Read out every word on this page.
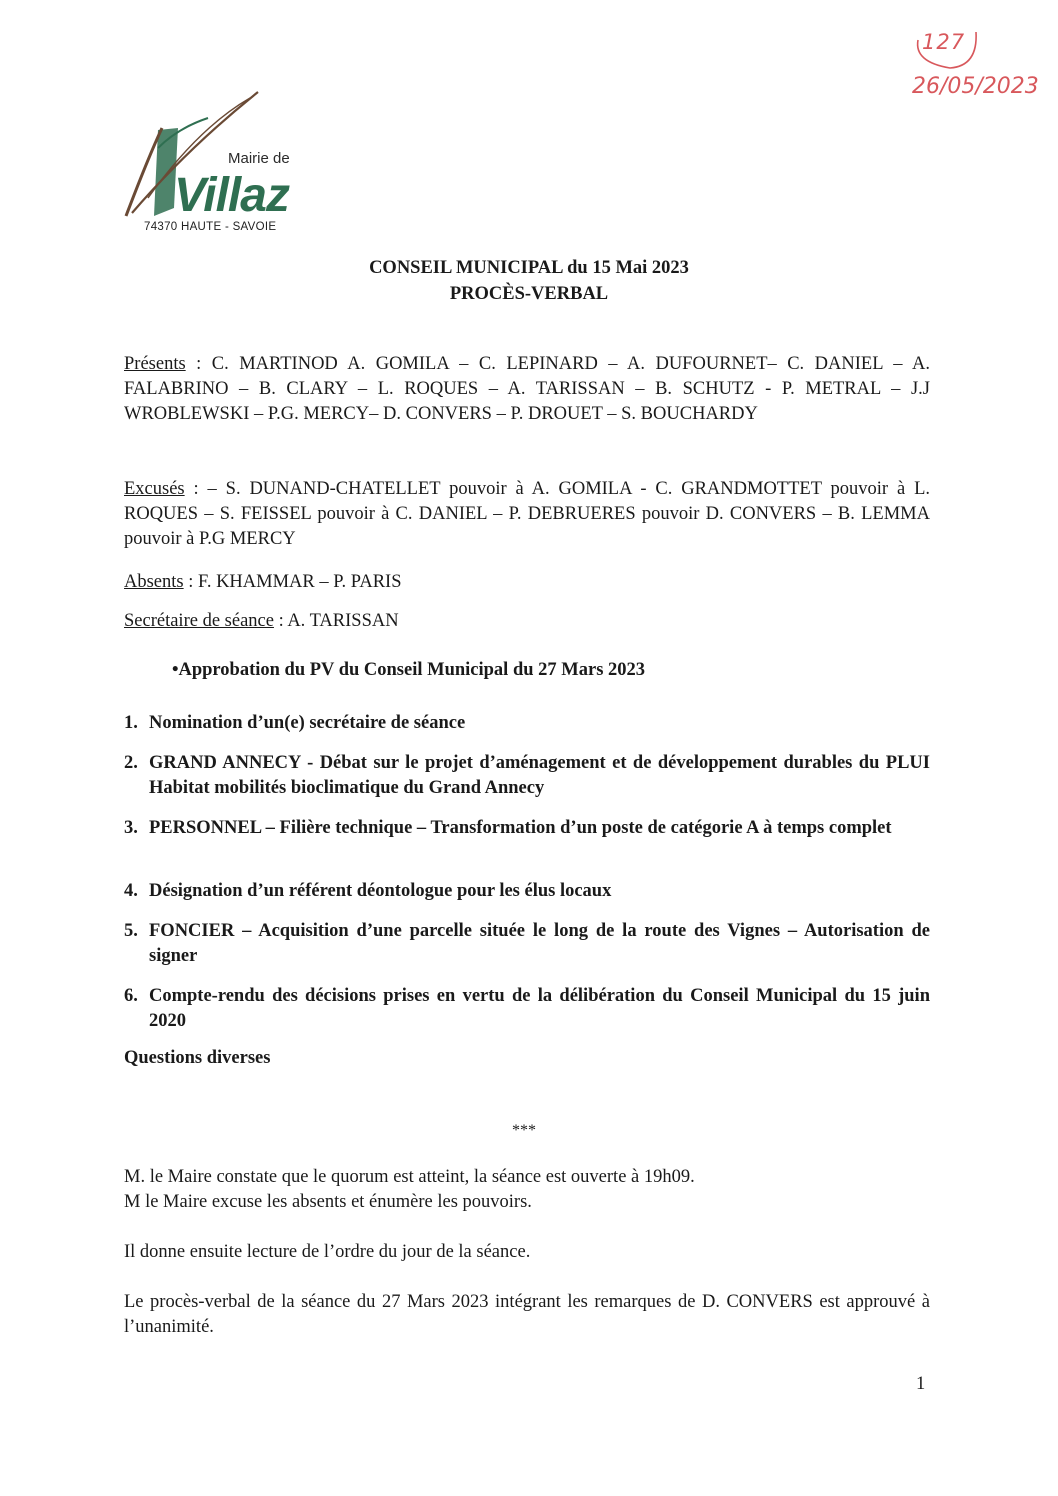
127
26/05/2023
Mairie de
Villaz
74370 HAUTE - SAVOIE
CONSEIL MUNICIPAL du 15 Mai 2023
PROCÈS-VERBAL
Présents : C. MARTINOD A. GOMILA – C. LEPINARD – A. DUFOURNET– C. DANIEL – A. FALABRINO – B. CLARY – L. ROQUES – A. TARISSAN – B. SCHUTZ - P. METRAL – J.J WROBLEWSKI – P.G. MERCY– D. CONVERS – P. DROUET – S. BOUCHARDY
Excusés : – S. DUNAND-CHATELLET pouvoir à A. GOMILA - C. GRANDMOTTET pouvoir à L. ROQUES – S. FEISSEL pouvoir à C. DANIEL – P. DEBRUERES pouvoir D. CONVERS – B. LEMMA pouvoir à P.G MERCY
Absents : F. KHAMMAR – P. PARIS
Secrétaire de séance : A. TARISSAN
•Approbation du PV du Conseil Municipal du 27 Mars 2023
1. Nomination d’un(e) secrétaire de séance
2. GRAND ANNECY - Débat sur le projet d’aménagement et de développement durables du PLUI Habitat mobilités bioclimatique du Grand Annecy
3. PERSONNEL – Filière technique – Transformation d’un poste de catégorie A à temps complet
4. Désignation d’un référent déontologue pour les élus locaux
5. FONCIER – Acquisition d’une parcelle située le long de la route des Vignes – Autorisation de signer
6. Compte-rendu des décisions prises en vertu de la délibération du Conseil Municipal du 15 juin 2020
Questions diverses
***
M. le Maire constate que le quorum est atteint, la séance est ouverte à 19h09.
M le Maire excuse les absents et énumère les pouvoirs.
Il donne ensuite lecture de l’ordre du jour de la séance.
Le procès-verbal de la séance du 27 Mars 2023 intégrant les remarques de D. CONVERS est approuvé à l’unanimité.
1
